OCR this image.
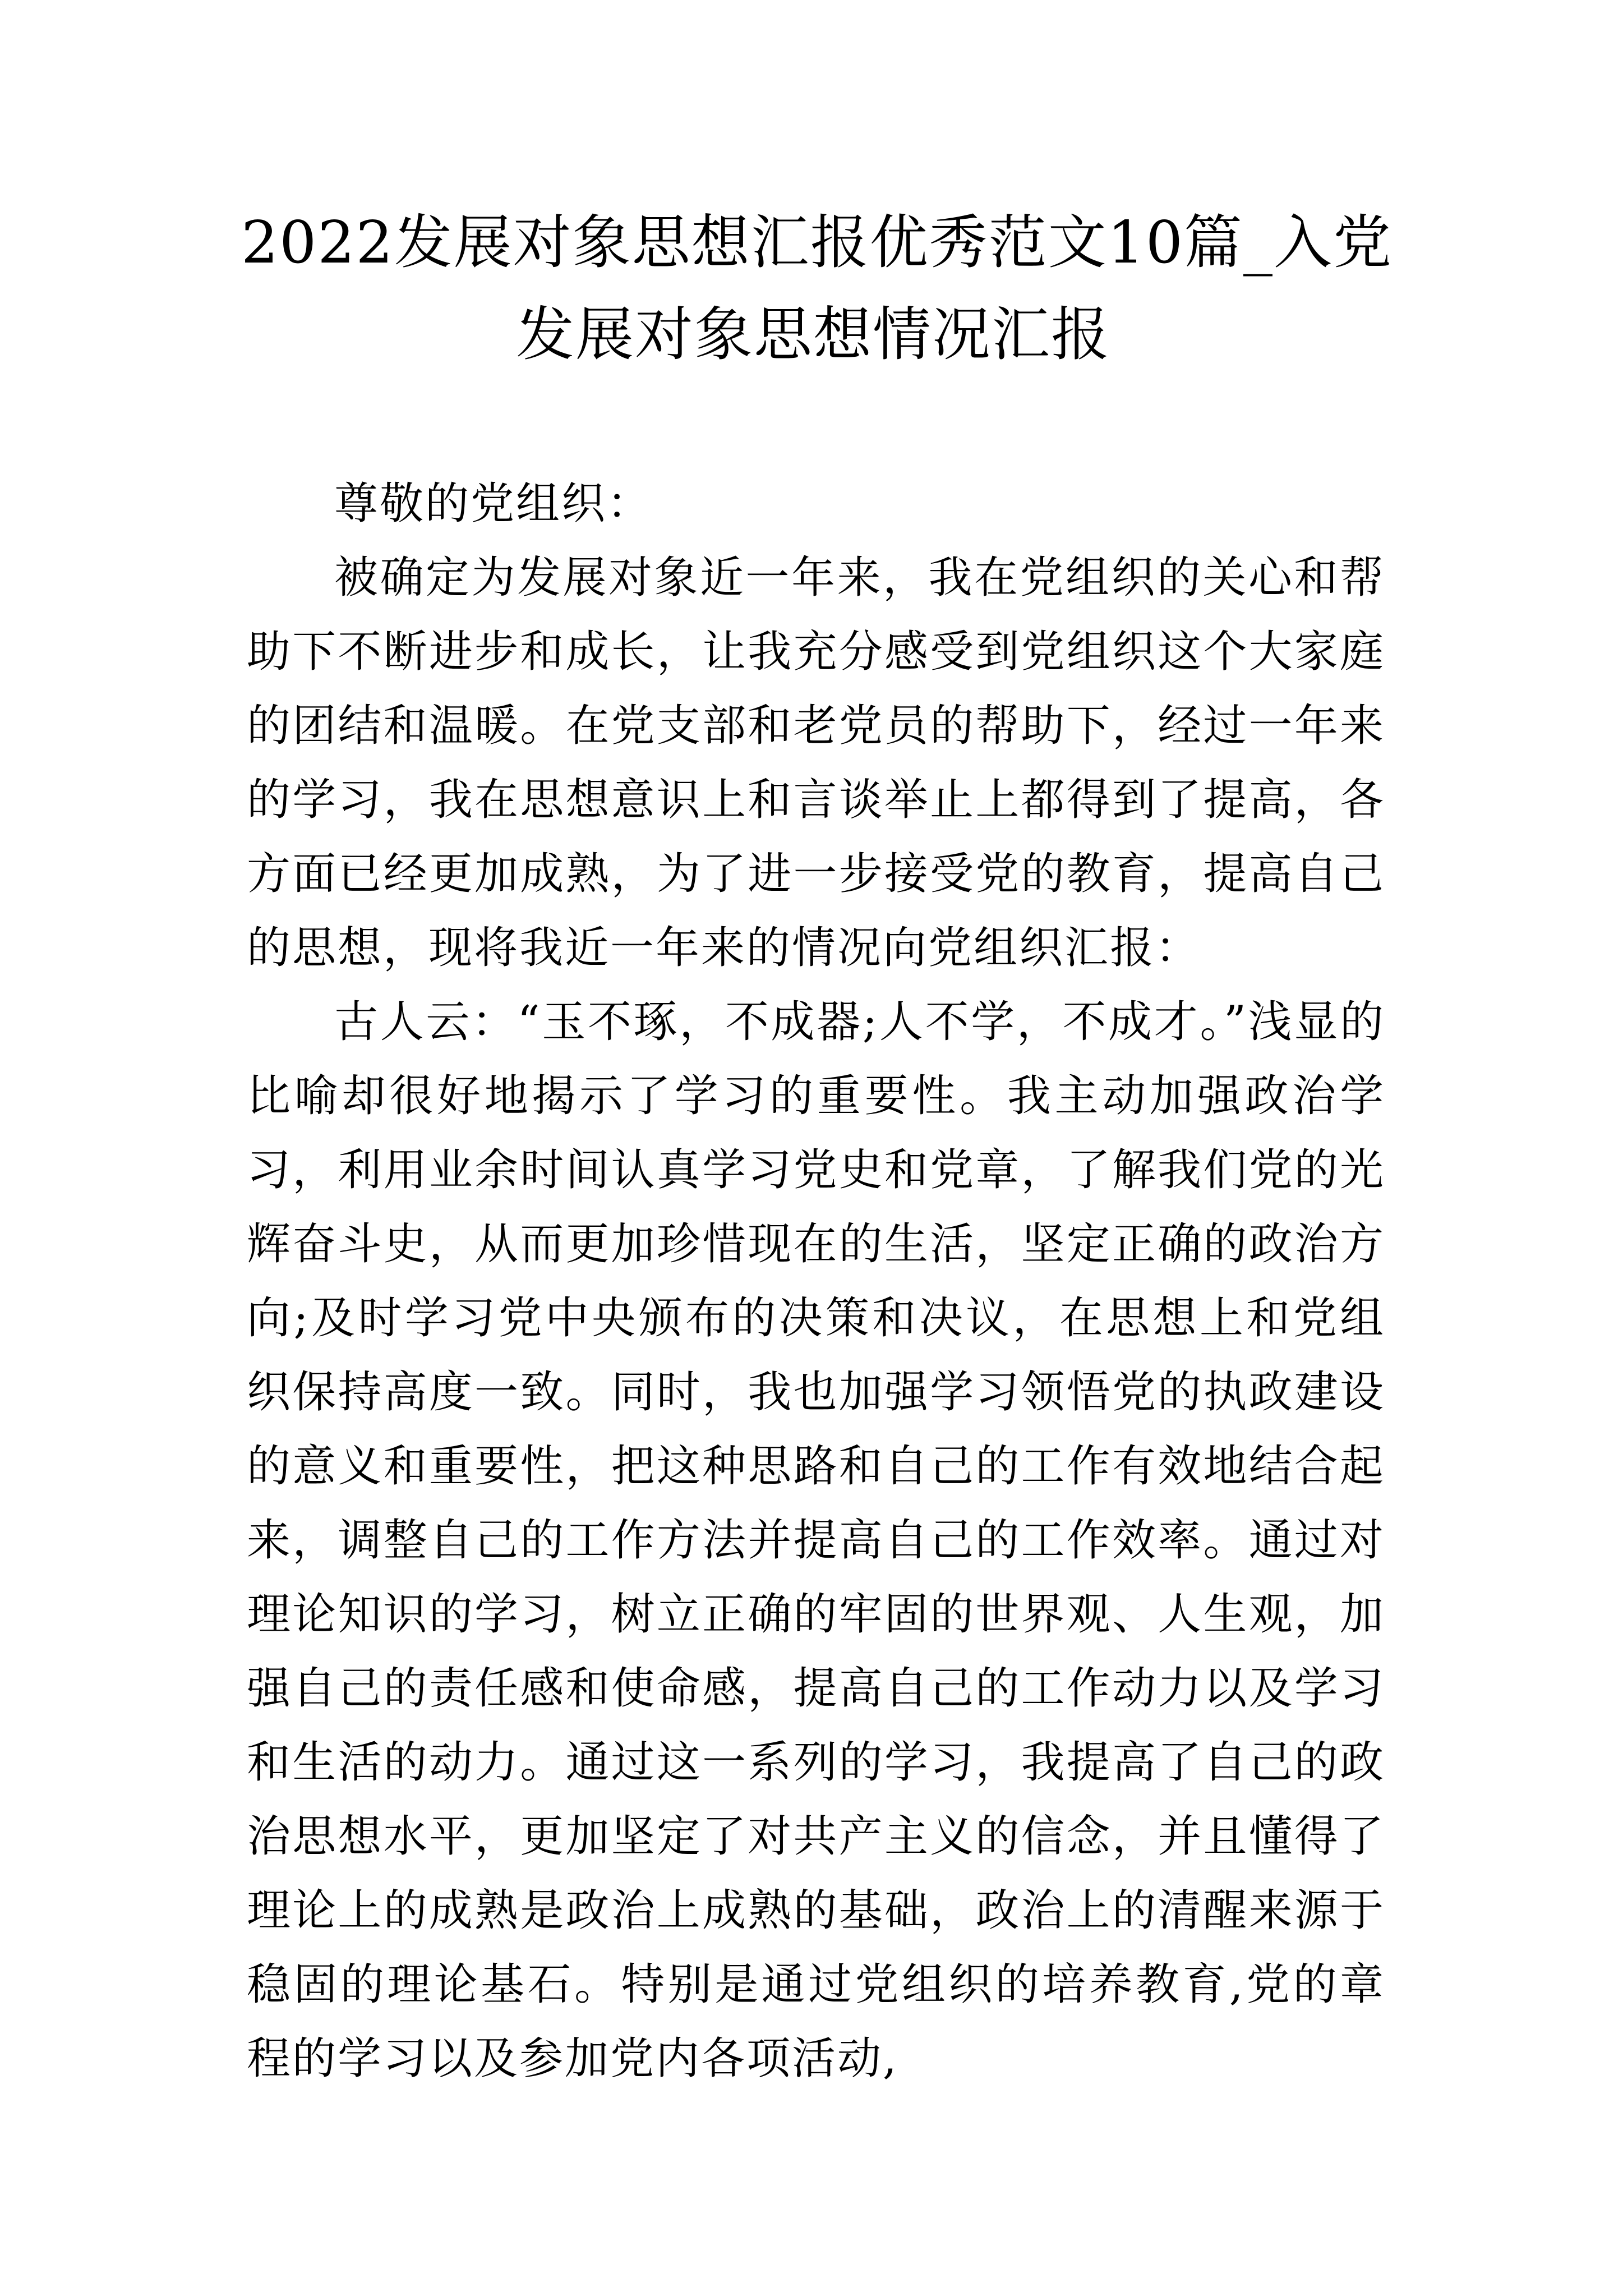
2022发展对象思想汇报优秀范文10篇_入党
发展对象思想情况汇报

尊敬的党组织：

被确定为发展对象近一年来，我在党组织的关心和帮助下不断进步和成长，让我充分感受到党组织这个大家庭的团结和温暖。在党支部和老党员的帮助下，经过一年来的学习，我在思想意识上和言谈举止上都得到了提高，各方面已经更加成熟，为了进一步接受党的教育，提高自己的思想，现将我近一年来的情况向党组织汇报：

古人云：“玉不琢，不成器;人不学，不成才。”浅显的比喻却很好地揭示了学习的重要性。我主动加强政治学习，利用业余时间认真学习党史和党章，了解我们党的光辉奋斗史，从而更加珍惜现在的生活，坚定正确的政治方向;及时学习党中央颁布的决策和决议，在思想上和党组织保持高度一致。同时，我也加强学习领悟党的执政建设的意义和重要性，把这种思路和自己的工作有效地结合起来，调整自己的工作方法并提高自己的工作效率。通过对理论知识的学习，树立正确的牢固的世界观、人生观，加强自己的责任感和使命感，提高自己的工作动力以及学习和生活的动力。通过这一系列的学习，我提高了自己的政治思想水平，更加坚定了对共产主义的信念，并且懂得了理论上的成熟是政治上成熟的基础，政治上的清醒来源于稳固的理论基石。特别是通过党组织的培养教育,党的章程的学习以及参加党内各项活动,
